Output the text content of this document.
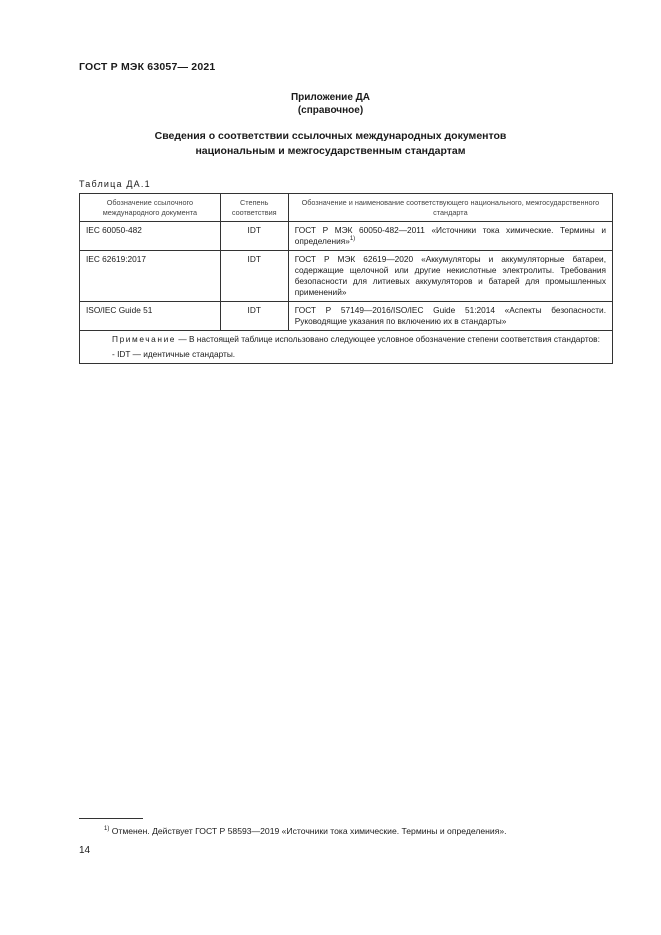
ГОСТ Р МЭК 63057— 2021
Приложение ДА
(справочное)
Сведения о соответствии ссылочных международных документов
национальным и межгосударственным стандартам
Таблица ДА.1
Обозначение ссылочного международного документа	Степень соответствия	Обозначение и наименование соответствующего национального, межгосударственного стандарта
IEC 60050-482	IDT	ГОСТ Р МЭК 60050-482—2011 «Источники тока химические. Термины и определения»$^{1)}$
IEC 62619:2017	IDT	ГОСТ Р МЭК 62619—2020 «Аккумуляторы и аккумуляторные батареи, содержащие щелочной или другие некислотные электролиты. Требования безопасности для литиевых аккумуляторов и батарей для промышленных применений»
ISO/IEC Guide 51	IDT	ГОСТ Р 57149—2016/ISO/IEC Guide 51:2014 «Аспекты безопасности. Руководящие указания по включению их в стандарты»

Примечание — В настоящей таблице использовано следующее условное обозначение степени соответствия стандартов:
- IDT — идентичные стандарты.		
$^{1)}$ Отменен. Действует ГОСТ Р 58593—2019 «Источники тока химические. Термины и определения».
14
